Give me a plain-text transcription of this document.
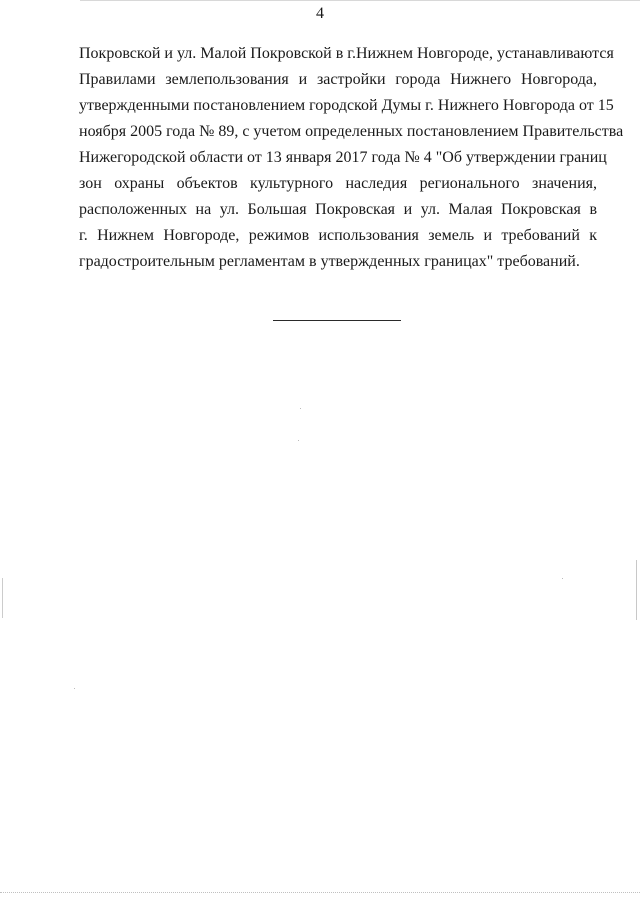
4
Покровской и ул. Малой Покровской в г.Нижнем Новгороде, устанавливаются
Правилами землепользования и застройки города Нижнего Новгорода,
утвержденными постановлением городской Думы г. Нижнего Новгорода от 15
ноября 2005 года № 89, с учетом определенных постановлением Правительства
Нижегородской области от 13 января 2017 года № 4 "Об утверждении границ
зон охраны объектов культурного наследия регионального значения,
расположенных на ул. Большая Покровская и ул. Малая Покровская в
г. Нижнем Новгороде, режимов использования земель и требований к
градостроительным регламентам в утвержденных границах" требований.
